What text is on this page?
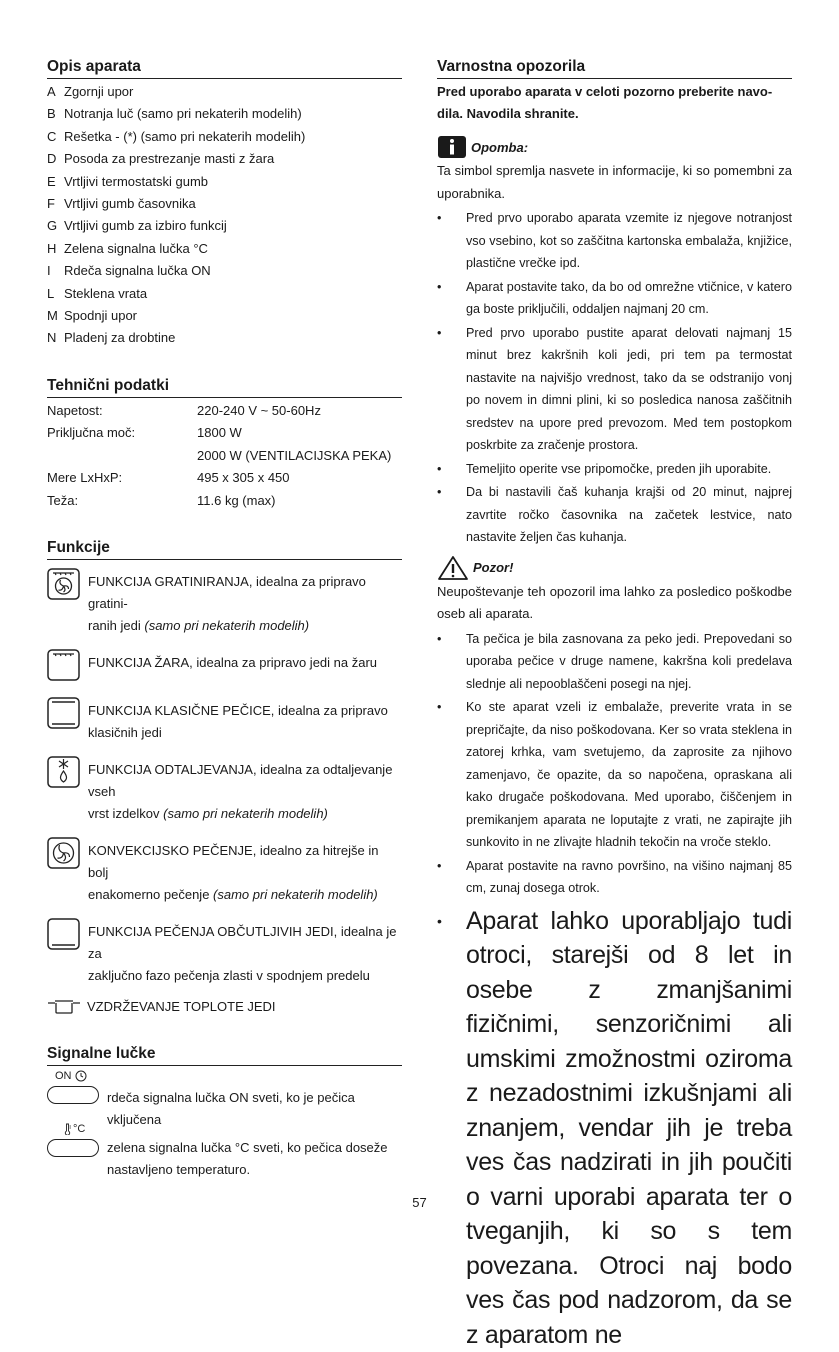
Opis aparata
A Zgornji upor
B Notranja luč (samo pri nekaterih modelih)
C Rešetka - (*) (samo pri nekaterih modelih)
D Posoda za prestrezanje masti z žara
E Vrtljivi termostatski gumb
F Vrtljivi gumb časovnika
G Vrtljivi gumb za izbiro funkcij
H Zelena signalna lučka °C
I	Rdeča signalna lučka ON
L Steklena vrata
M Spodnji upor
N Pladenj za drobtine
Tehnični podatki
Napetost:	220-240 V ~ 50-60Hz
Priključna moč:	1800 W
2000 W (VENTILACIJSKA PEKA)
Mere LxHxP:	495 x 305 x 450
Teža:	11.6 kg (max)
Funkcije
FUNKCIJA GRATINIRANJA, idealna za pripravo gratini-
ranih jedi (samo pri nekaterih modelih)
FUNKCIJA ŽARA, idealna za pripravo jedi na žaru
FUNKCIJA KLASIČNE PEČICE, idealna za pripravo
klasičnih jedi
FUNKCIJA ODTALJEVANJA, idealna za odtaljevanje vseh
vrst izdelkov (samo pri nekaterih modelih)
KONVEKCIJSKO PEČENJE, idealno za hitrejše in bolj
enakomerno pečenje (samo pri nekaterih modelih)
FUNKCIJA PEČENJA OBČUTLJIVIH JEDI, idealna je za
zaključno fazo pečenja zlasti v spodnjem predelu
VZDRŽEVANJE TOPLOTE JEDI
Signalne lučke
ON
rdeča signalna lučka ON sveti, ko je pečica vključena
°C
zelena signalna lučka °C sveti, ko pečica doseže
nastavljeno temperaturo.
Varnostna opozorila

Pred uporabo aparata v celoti pozorno preberite navo-
dila. Navodila shranite.

Opomba:

Ta simbol spremlja nasvete in informacije, ki so pomembni za uporabnika.

• Pred prvo uporabo aparata vzemite iz njegove notranjost vso vsebino, kot so zaščitna kartonska embalaža, knjižice, plastične vrečke ipd.
• Aparat postavite tako, da bo od omrežne vtičnice, v katero ga boste priključili, oddaljen najmanj 20 cm.
• Pred prvo uporabo pustite aparat delovati najmanj 15 minut brez kakršnih koli jedi, pri tem pa termostat nastavite na najvišjo vrednost, tako da se odstranijo vonj po novem in dimni plini, ki so posledica nanosa zaščitnih sredstev na upore pred prevozom. Med tem postopkom poskrbite za zračenje prostora.
• Temeljito operite vse pripomočke, preden jih uporabite.
• Da bi nastavili čaš kuhanja krajši od 20 minut, najprej zavrtite ročko časovnika na začetek lestvice, nato nastavite željen čas kuhanja.
Pozor!

Neupoštevanje teh opozoril ima lahko za posledico poškodbe oseb ali aparata.

• Ta pečica je bila zasnovana za peko jedi. Prepovedani so uporaba pečice v druge namene, kakršna koli predelava slednje ali nepooblaščeni posegi na njej.
• Ko ste aparat vzeli iz embalaže, preverite vrata in se prepričajte, da niso poškodovana. Ker so vrata steklena in zatorej krhka, vam svetujemo, da zaprosite za njihovo zamenjavo, če opazite, da so napočena, opraskana ali kako drugače poškodovana. Med uporabo, čiščenjem in premikanjem aparata ne loputajte z vrati, ne zapirajte jih sunkovito in ne zlivajte hladnih tekočin na vroče steklo.
• Aparat postavite na ravno površino, na višino najmanj 85 cm, zunaj dosega otrok.
• Aparat lahko uporabljajo tudi otroci, starejši od 8 let in osebe z zmanjšanimi fizičnimi, senzoričnimi ali umskimi zmožnostmi oziroma z nezadostnimi izkušnjami ali znanjem, vendar jih je treba ves čas nadzirati in jih poučiti o varni uporabi aparata ter o tveganjih, ki so s tem povezana. Otroci naj bodo ves čas pod nadzorom, da se z aparatom ne
57
